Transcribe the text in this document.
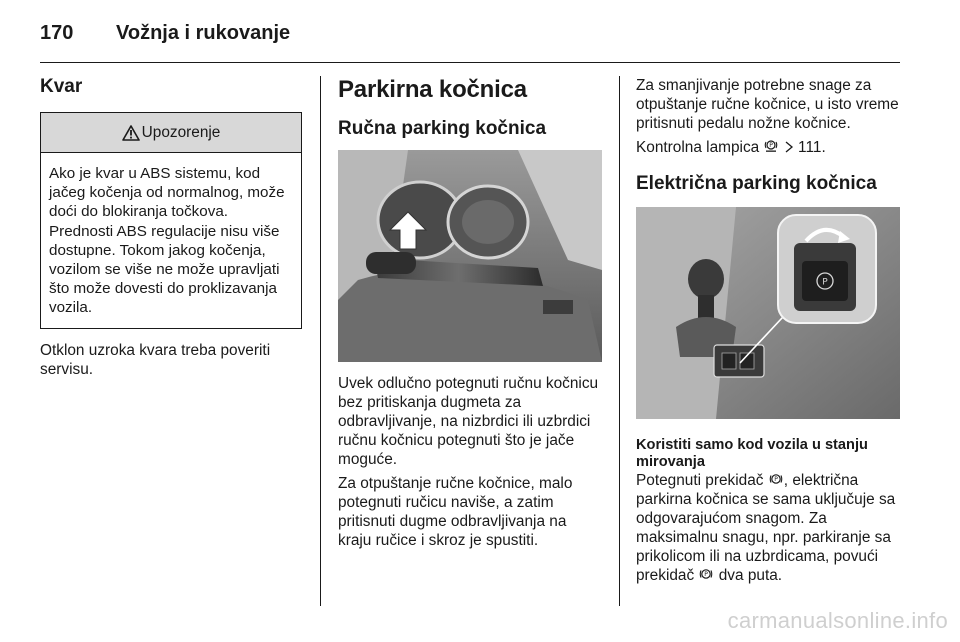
170 Vožnja i rukovanje
Kvar
Upozorenje

Ako je kvar u ABS sistemu, kod jačeg kočenja od normalnog, može doći do blokiranja točkova. Prednosti ABS regulacije nisu više dostupne. Tokom jakog kočenja, vozilom se više ne može upravljati što može dovesti do proklizavanja vozila.

Otklon uzroka kvara treba poveriti servisu.

Parkirna kočnica
Ručna parking kočnica

Uvek odlučno potegnuti ručnu kočnicu bez pritiskanja dugmeta za odbravljivanje, na nizbrdici ili uzbrdici ručnu kočnicu potegnuti što je jače moguće.

Za otpuštanje ručne kočnice, malo potegnuti ručicu naviše, a zatim pritisnuti dugme odbravljivanja na kraju ručice i skroz je spustiti.

Za smanjivanje potrebne snage za otpuštanje ručne kočnice, u isto vreme pritisnuti pedalu nožne kočnice.

Kontrolna lampica P 111.

Električna parking kočnica
P

Koristiti samo kod vozila u stanju mirovanja

Potegnuti prekidač P , električna parkirna kočnica se sama uključuje sa odgovarajućom snagom. Za maksimalnu snagu, npr. parkiranje sa prikolicom ili na uzbrdicama, povući prekidač P dva puta.

carmanualsonline.info
